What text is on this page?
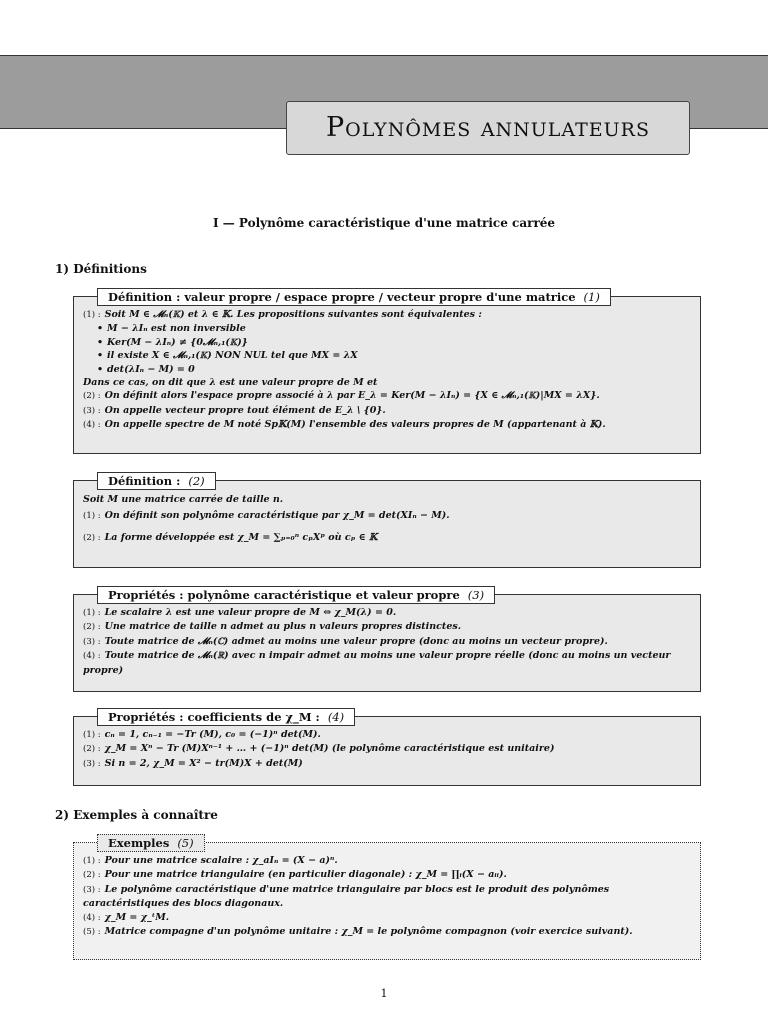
Polynômes annulateurs
I — Polynôme caractéristique d'une matrice carrée
1) Définitions
Définition : valeur propre / espace propre / vecteur propre d'une matrice (1)
(1) : Soit M ∈ 𝓜ₙ(𝕂) et λ ∈ 𝕂. Les propositions suivantes sont équivalentes :
• M − λIₙ est non inversible
• Ker(M − λIₙ) ≠ {0𝓜ₙ,₁(𝕂)}
• il existe X ∈ 𝓜ₙ,₁(𝕂) NON NUL tel que MX = λX
• det(λIₙ − M) = 0
Dans ce cas, on dit que λ est une valeur propre de M et
(2) : On définit alors l'espace propre associé à λ par E_λ = Ker(M − λIₙ) = {X ∈ 𝓜ₙ,₁(𝕂)|MX = λX}.
(3) : On appelle vecteur propre tout élément de E_λ \ {0}.
(4) : On appelle spectre de M noté Sp𝕂(M) l'ensemble des valeurs propres de M (appartenant à 𝕂).
Définition : (2)
Soit M une matrice carrée de taille n.
(1) : On définit son polynôme caractéristique par χ_M = det(XIₙ − M).
(2) : La forme développée est χ_M = ∑ₚ₌₀ⁿ cₚXᵖ où cₚ ∈ 𝕂
Propriétés : polynôme caractéristique et valeur propre (3)
(1) : Le scalaire λ est une valeur propre de M ⇔ χ_M(λ) = 0.
(2) : Une matrice de taille n admet au plus n valeurs propres distinctes.
(3) : Toute matrice de 𝓜ₙ(ℂ) admet au moins une valeur propre (donc au moins un vecteur propre).
(4) : Toute matrice de 𝓜ₙ(ℝ) avec n impair admet au moins une valeur propre réelle (donc au moins un vecteur propre)
Propriétés : coefficients de χ_M : (4)
(1) : cₙ = 1, cₙ₋₁ = −Tr (M), c₀ = (−1)ⁿ det(M).
(2) : χ_M = Xⁿ − Tr (M)Xⁿ⁻¹ + … + (−1)ⁿ det(M) (le polynôme caractéristique est unitaire)
(3) : Si n = 2, χ_M = X² − tr(M)X + det(M)
2) Exemples à connaître
Exemples (5)
(1) : Pour une matrice scalaire : χ_aIₙ = (X − a)ⁿ.
(2) : Pour une matrice triangulaire (en particulier diagonale) : χ_M = ∏ᵢ(X − aᵢᵢ).
(3) : Le polynôme caractéristique d'une matrice triangulaire par blocs est le produit des polynômes caractéristiques des blocs diagonaux.
(4) : χ_M = χ_ᵗM.
(5) : Matrice compagne d'un polynôme unitaire : χ_M = le polynôme compagnon (voir exercice suivant).
1
